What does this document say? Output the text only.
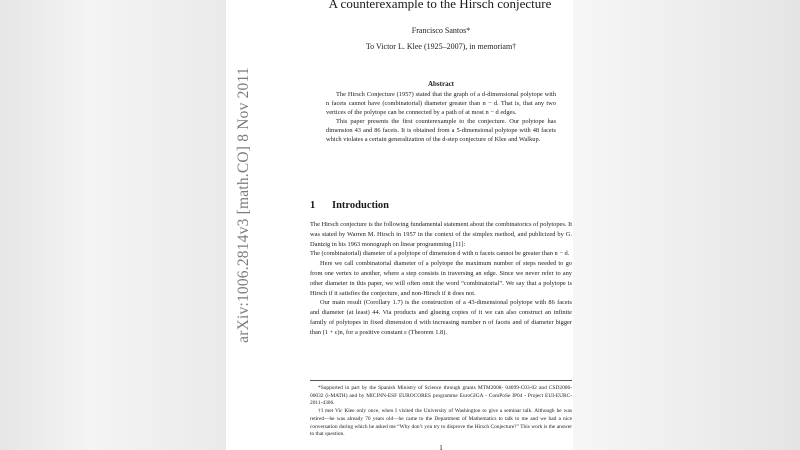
arXiv:1006.2814v3 [math.CO] 8 Nov 2011
A counterexample to the Hirsch conjecture
Francisco Santos*
To Victor L. Klee (1925–2007), in memoriam†
Abstract

The Hirsch Conjecture (1957) stated that the graph of a d-dimensional polytope with n facets cannot have (combinatorial) diameter greater than n − d. That is, that any two vertices of the polytope can be connected by a path of at most n − d edges.

This paper presents the first counterexample to the conjecture. Our polytope has dimension 43 and 86 facets. It is obtained from a 5-dimensional polytope with 48 facets which violates a certain generalization of the d-step conjecture of Klee and Walkup.

1 Introduction

The Hirsch conjecture is the following fundamental statement about the combinatorics of polytopes. It was stated by Warren M. Hirsch in 1957 in the context of the simplex method, and publicized by G. Dantzig in his 1963 monograph on linear programming [11]:

The (combinatorial) diameter of a polytope of dimension d with n facets cannot be greater than n − d.

Here we call combinatorial diameter of a polytope the maximum number of steps needed to go from one vertex to another, where a step consists in traversing an edge. Since we never refer to any other diameter in this paper, we will often omit the word “combinatorial”. We say that a polytope is Hirsch if it satisfies the conjecture, and non-Hirsch if it does not.

Our main result (Corollary 1.7) is the construction of a 43-dimensional polytope with 86 facets and diameter (at least) 44. Via products and glueing copies of it we can also construct an infinite family of polytopes in fixed dimension d with increasing number n of facets and of diameter bigger than (1 + ε)n, for a positive constant ε (Theorem 1.8).

*Supported in part by the Spanish Ministry of Science through grants MTM2008- 04699-C03-02 and CSD2006-00032 (i-MATH) and by MICINN-ESF EUROCORES programme EuroGIGA - ComPoSe IP04 - Project EUI-EURC-2011-4306.

†I met Vic Klee only once, when I visited the University of Washington to give a seminar talk. Although he was retired—he was already 76 years old—he came to the Department of Mathematics to talk to me and we had a nice conversation during which he asked me “Why don’t you try to disprove the Hirsch Conjecture?” This work is the answer to that question.

1
